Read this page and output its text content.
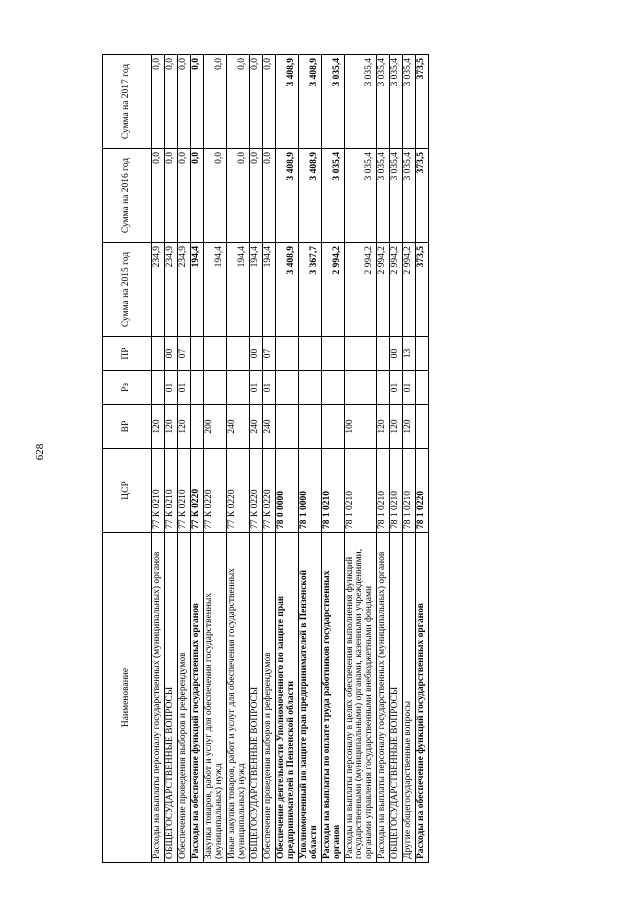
628
Наименование	ЦСР	ВР	Рз	ПР	Сумма на 2015 год	Сумма на 2016 год	Сумма на 2017 год
Расходы на выплаты персоналу государственных (муниципальных) органов	77 К 0210	120			234,9	0,0	0,0
ОБЩЕГОСУДАРСТВЕННЫЕ ВОПРОСЫ	77 К 0210	120	01	00	234,9	0,0	0,0
Обеспечение проведения выборов и референдумов	77 К 0210	120	01	07	234,9	0,0	0,0
Расходы на обеспечение функций государственных органов	77 К 0220				194,4	0,0	0,0
Закупка товаров, работ и услуг для обеспечения государственных (муниципальных) нужд	77 К 0220	200			194,4	0,0	0,0
Иные закупки товаров, работ и услуг для обеспечения государственных (муниципальных) нужд	77 К 0220	240			194,4	0,0	0,0
ОБЩЕГОСУДАРСТВЕННЫЕ ВОПРОСЫ	77 К 0220	240	01	00	194,4	0,0	0,0
Обеспечение проведения выборов и референдумов	77 К 0220	240	01	07	194,4	0,0	0,0
Обеспечение деятельности Уполномоченного по защите прав предпринимателей в Пензенской области	78 0 0000				3 408,9	3 408,9	3 408,9
Уполномоченный по защите прав предпринимателей в Пензенской области	78 1 0000				3 367,7	3 408,9	3 408,9
Расходы на выплаты по оплате труда работников государственных органов	78 1 0210				2 994,2	3 035,4	3 035,4
Расходы на выплаты персоналу в целях обеспечения выполнения функций государственными (муниципальными) органами, казенными учреждениями, органами управления государственными внебюджетными фондами	78 1 0210	100			2 994,2	3 035,4	3 035,4
Расходы на выплаты персоналу государственных (муниципальных) органов	78 1 0210	120			2 994,2	3 035,4	3 035,4
ОБЩЕГОСУДАРСТВЕННЫЕ ВОПРОСЫ	78 1 0210	120	01	00	2 994,2	3 035,4	3 035,4
Другие общегосударственные вопросы	78 1 0210	120	01	13	2 994,2	3 035,4	3 035,4
Расходы на обеспечение функций государственных органов	78 1 0220				373,5	373,5	373,5
